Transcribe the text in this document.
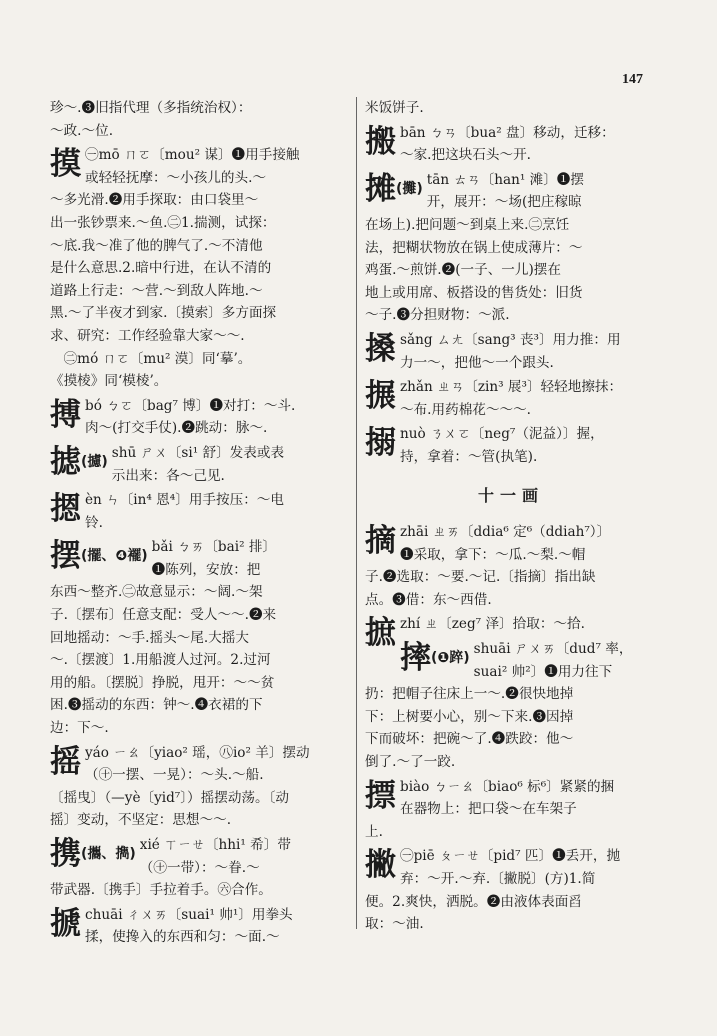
147
珍～.❸旧指代理（多指统治权）：
～政.～位.
摸 ㊀mō ㄇㄛ〔mou² 谋〕❶用手接触
或轻轻抚摩：～小孩儿的头.～
～多光滑.❷用手探取：由口袋里～
出一张钞票来.～鱼.㊁1.揣测，试探：
～底.我～准了他的脾气了.～不清他
是什么意思.2.暗中行进，在认不清的
道路上行走：～营.～到敌人阵地.～
黑.～了半夜才到家.〔摸索〕多方面探
求、研究：工作经验靠大家～～.
　㊁mó ㄇㄛ〔mu² 漠〕同‘摹’。
《摸棱》同‘模棱’。
搏 bó ㄅㄛ〔bag⁷ 博〕❶对打：～斗.
肉～(打交手仗).❷跳动：脉～.
摅(攄)
shū ㄕㄨ〔si¹ 舒〕发表或表
示出来：各～己见.
摁 èn ㄣ〔in⁴ 恩⁴〕用手按压：～电
铃.
摆(擺、❹襬)
bǎi ㄅㄞ〔bai² 排〕
❶陈列，安放：把
东西～整齐.㊁故意显示：～阔.～架
子.〔摆布〕任意支配：受人～～.❷来
回地摇动：～手.摇头～尾.大摇大
～.〔摆渡〕1.用船渡人过河。2.过河
用的船。〔摆脱〕挣脱，甩开：～～贫
困.❸摇动的东西：钟～.❹衣裙的下
边：下～.
摇 yáo ㄧㄠ〔yiao² 瑶，㊇io² 羊〕摆动
（㊉一摆、一晃）：～头.～船.
〔摇曳〕（—yè〔yid⁷〕）摇摆动荡。〔动
摇〕变动，不坚定：思想～～.
携(攜、擕)
xié ㄒㄧㄝ〔hhi¹ 希〕带
（㊉一带）：～眷.～
带武器.〔携手〕手拉着手。㊅合作。
搋 chuāi ㄔㄨㄞ〔suai¹ 帅¹〕用拳头
揉，使搀入的东西和匀：～面.～
米饭饼子.
搬 bān ㄅㄢ〔bua² 盘〕移动，迁移：
～家.把这块石头～开.
摊(攤)
tān ㄊㄢ〔han¹ 滩〕❶摆
开，展开：～场(把庄稼晾
在场上).把问题～到桌上来.㊁烹饪
法，把糊状物放在锅上使成薄片：～
鸡蛋.～煎饼.❷(一子、一儿)摆在
地上或用席、板搭设的售货处：旧货
～子.❸分担财物：～派.
搡 sǎng ㄙㄤ〔sang³ 丧³〕用力推：用
力一～，把他～一个跟头.
搌 zhǎn ㄓㄢ〔zin³ 展³〕轻轻地擦抹：
～布.用药棉花～～～.
搦 nuò ㄋㄨㄛ〔neg⁷（泥益）〕握，
持，拿着：～管(执笔).
十一画
摘 zhāi ㄓㄞ〔ddia⁶ 定⁶（ddiah⁷）〕
❶采取，拿下：～瓜.～梨.～帽
子.❷选取：～要.～记.〔指摘〕指出缺
点。❸借：东～西借.
摭 zhí ㄓ〔zeg⁷ 泽〕拾取：～拾.
摔(❶踤)
shuāi ㄕㄨㄞ〔dud⁷ 率，
suai² 帅²〕❶用力往下
扔：把帽子往床上一～.❷很快地掉
下：上树要小心，别～下来.❸因掉
下而破坏：把碗～了.❹跌跤：他～
倒了.～了一跤.
摽 biào ㄅㄧㄠ〔biao⁶ 标⁶〕紧紧的捆
在器物上：把口袋～在车架子
上.
撇 ㊀piē ㄆㄧㄝ〔pid⁷ 匹〕❶丢开，抛
弃：～开.～弃.〔撇脱〕(方)1.简
便。2.爽快，洒脱。❷由液体表面舀
取：～油.
